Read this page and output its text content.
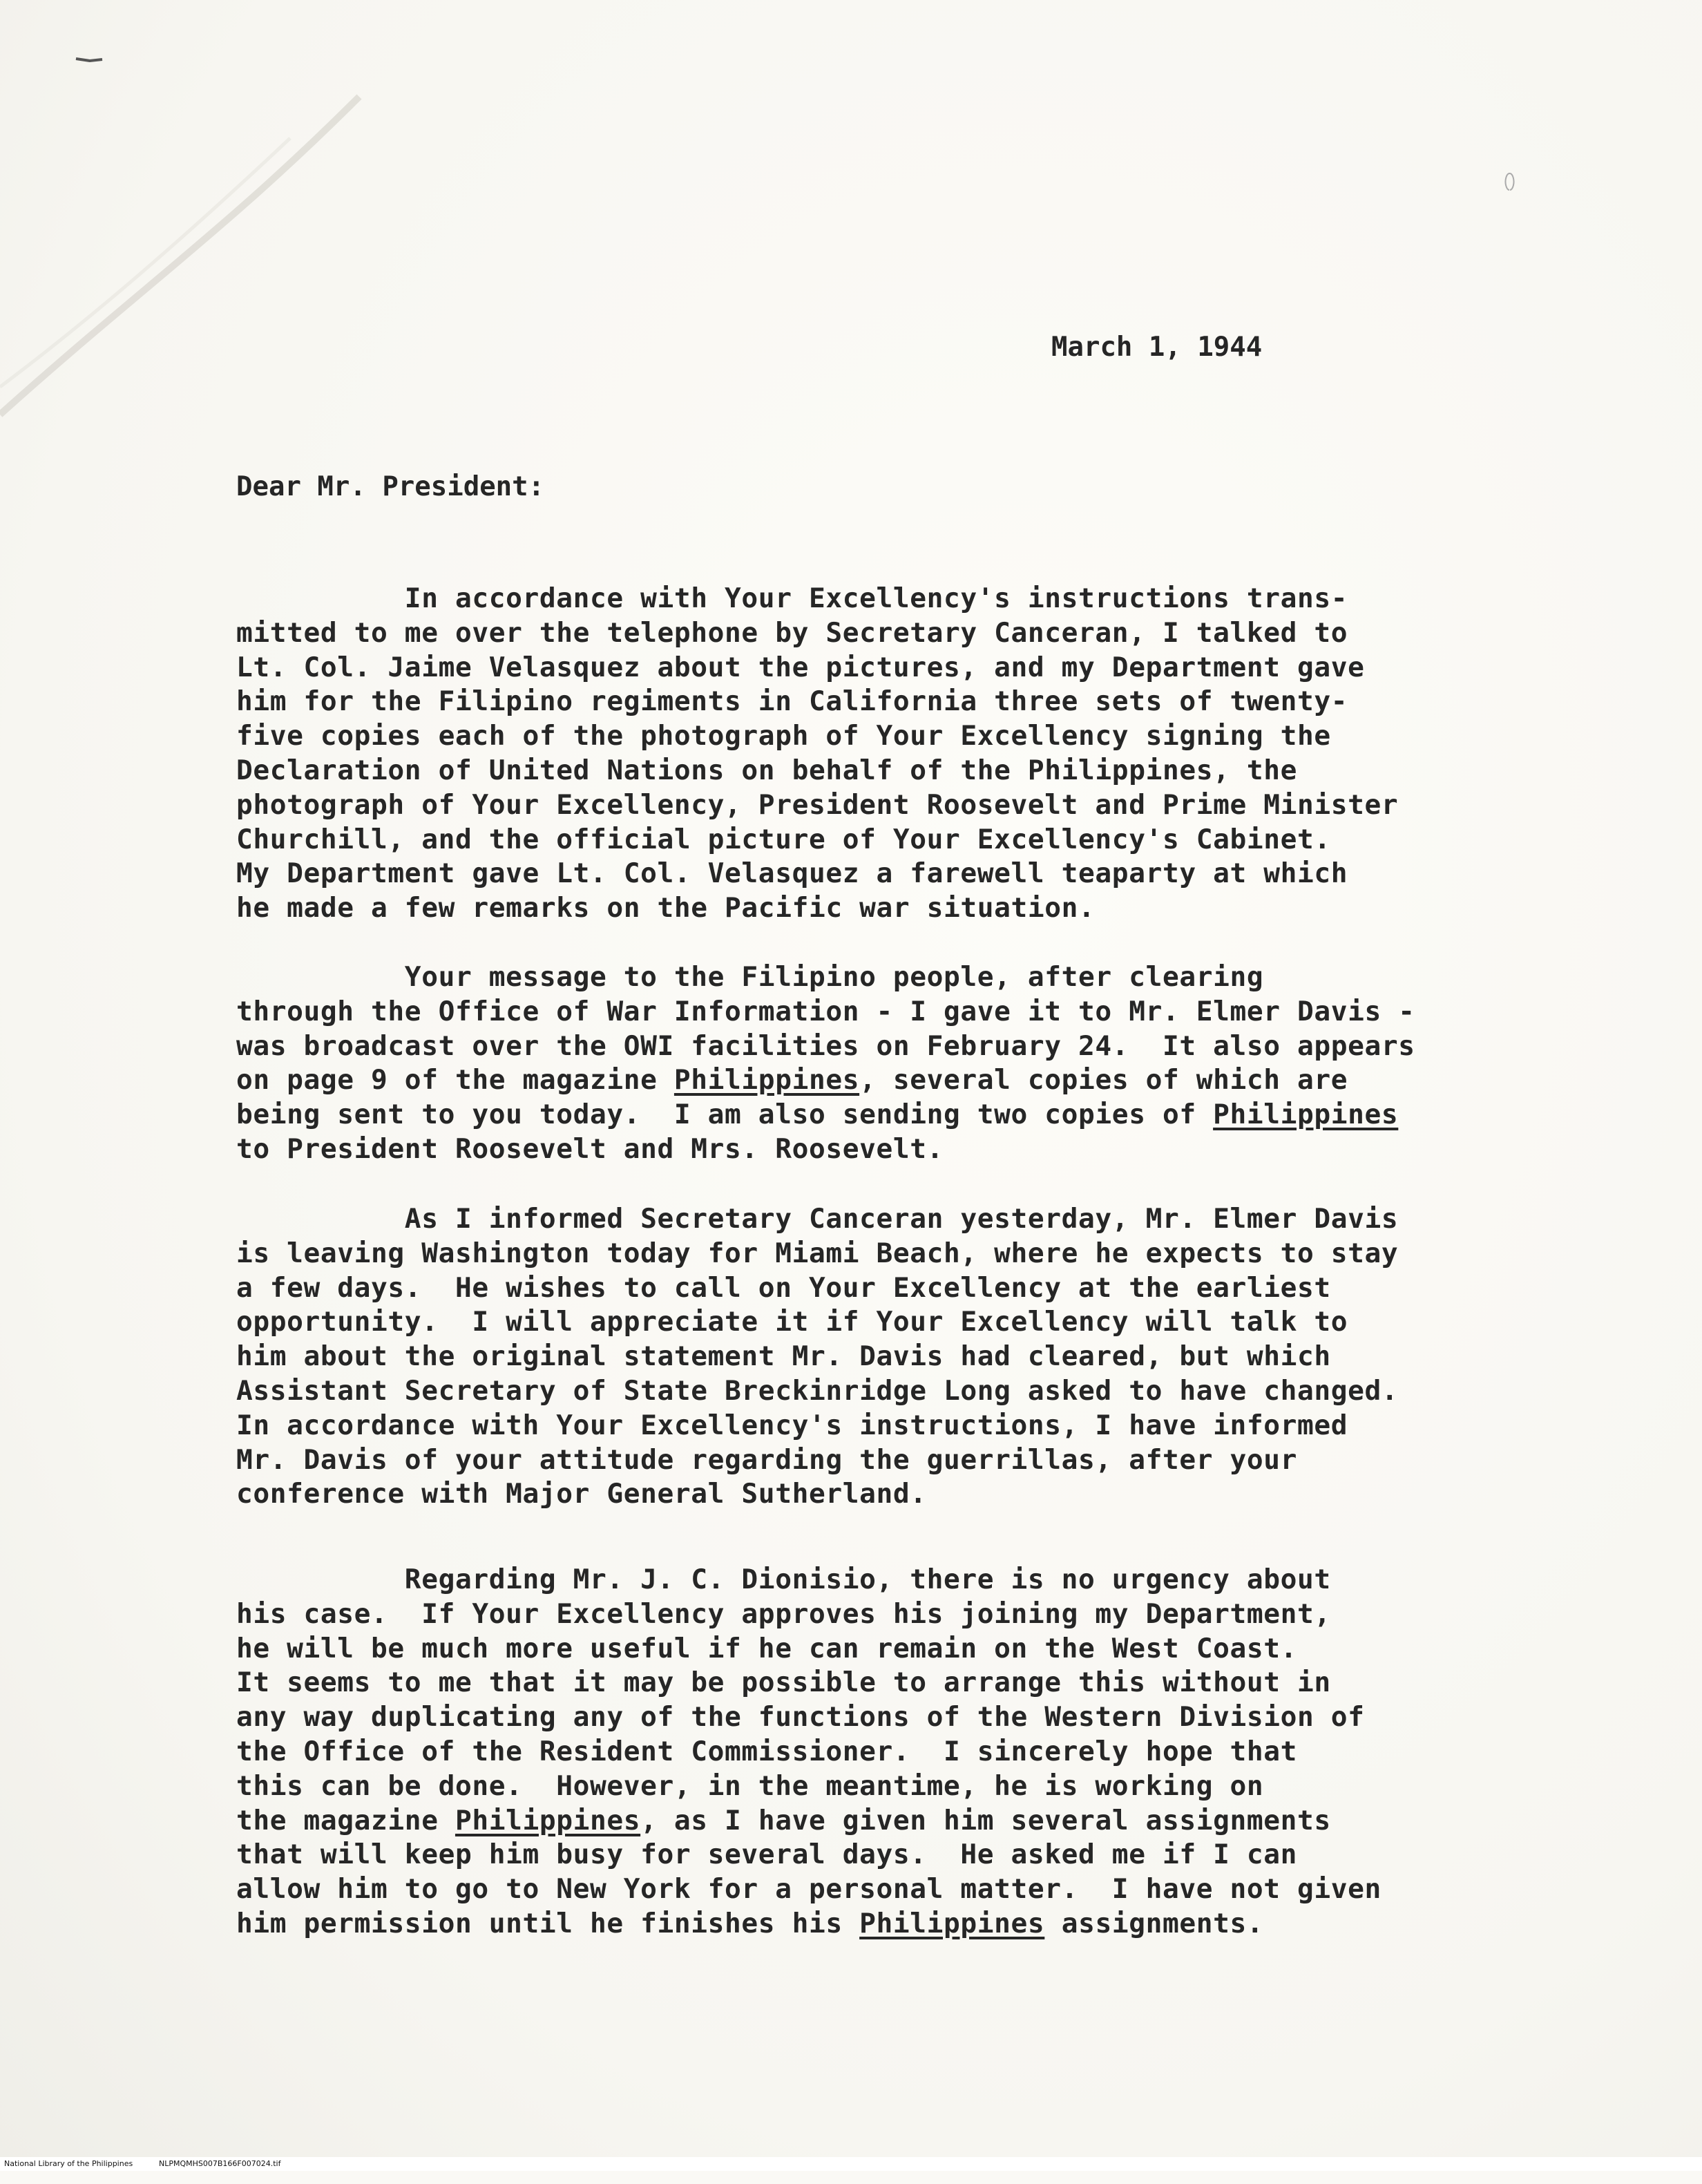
March 1, 1944
Dear Mr. President:
In accordance with Your Excellency's instructions trans-
mitted to me over the telephone by Secretary Canceran, I talked to
Lt. Col. Jaime Velasquez about the pictures, and my Department gave
him for the Filipino regiments in California three sets of twenty-
five copies each of the photograph of Your Excellency signing the
Declaration of United Nations on behalf of the Philippines, the
photograph of Your Excellency, President Roosevelt and Prime Minister
Churchill, and the official picture of Your Excellency's Cabinet.
My Department gave Lt. Col. Velasquez a farewell teaparty at which
he made a few remarks on the Pacific war situation.
Your message to the Filipino people, after clearing
through the Office of War Information - I gave it to Mr. Elmer Davis -
was broadcast over the OWI facilities on February 24.  It also appears
on page 9 of the magazine Philippines, several copies of which are
being sent to you today.  I am also sending two copies of Philippines
to President Roosevelt and Mrs. Roosevelt.
As I informed Secretary Canceran yesterday, Mr. Elmer Davis
is leaving Washington today for Miami Beach, where he expects to stay
a few days.  He wishes to call on Your Excellency at the earliest
opportunity.  I will appreciate it if Your Excellency will talk to
him about the original statement Mr. Davis had cleared, but which
Assistant Secretary of State Breckinridge Long asked to have changed.
In accordance with Your Excellency's instructions, I have informed
Mr. Davis of your attitude regarding the guerrillas, after your
conference with Major General Sutherland.
Regarding Mr. J. C. Dionisio, there is no urgency about
his case.  If Your Excellency approves his joining my Department,
he will be much more useful if he can remain on the West Coast.
It seems to me that it may be possible to arrange this without in
any way duplicating any of the functions of the Western Division of
the Office of the Resident Commissioner.  I sincerely hope that
this can be done.  However, in the meantime, he is working on
the magazine Philippines, as I have given him several assignments
that will keep him busy for several days.  He asked me if I can
allow him to go to New York for a personal matter.  I have not given
him permission until he finishes his Philippines assignments.

National Library of the Philippines

	NLPMQMHS007B166F007024.tif
